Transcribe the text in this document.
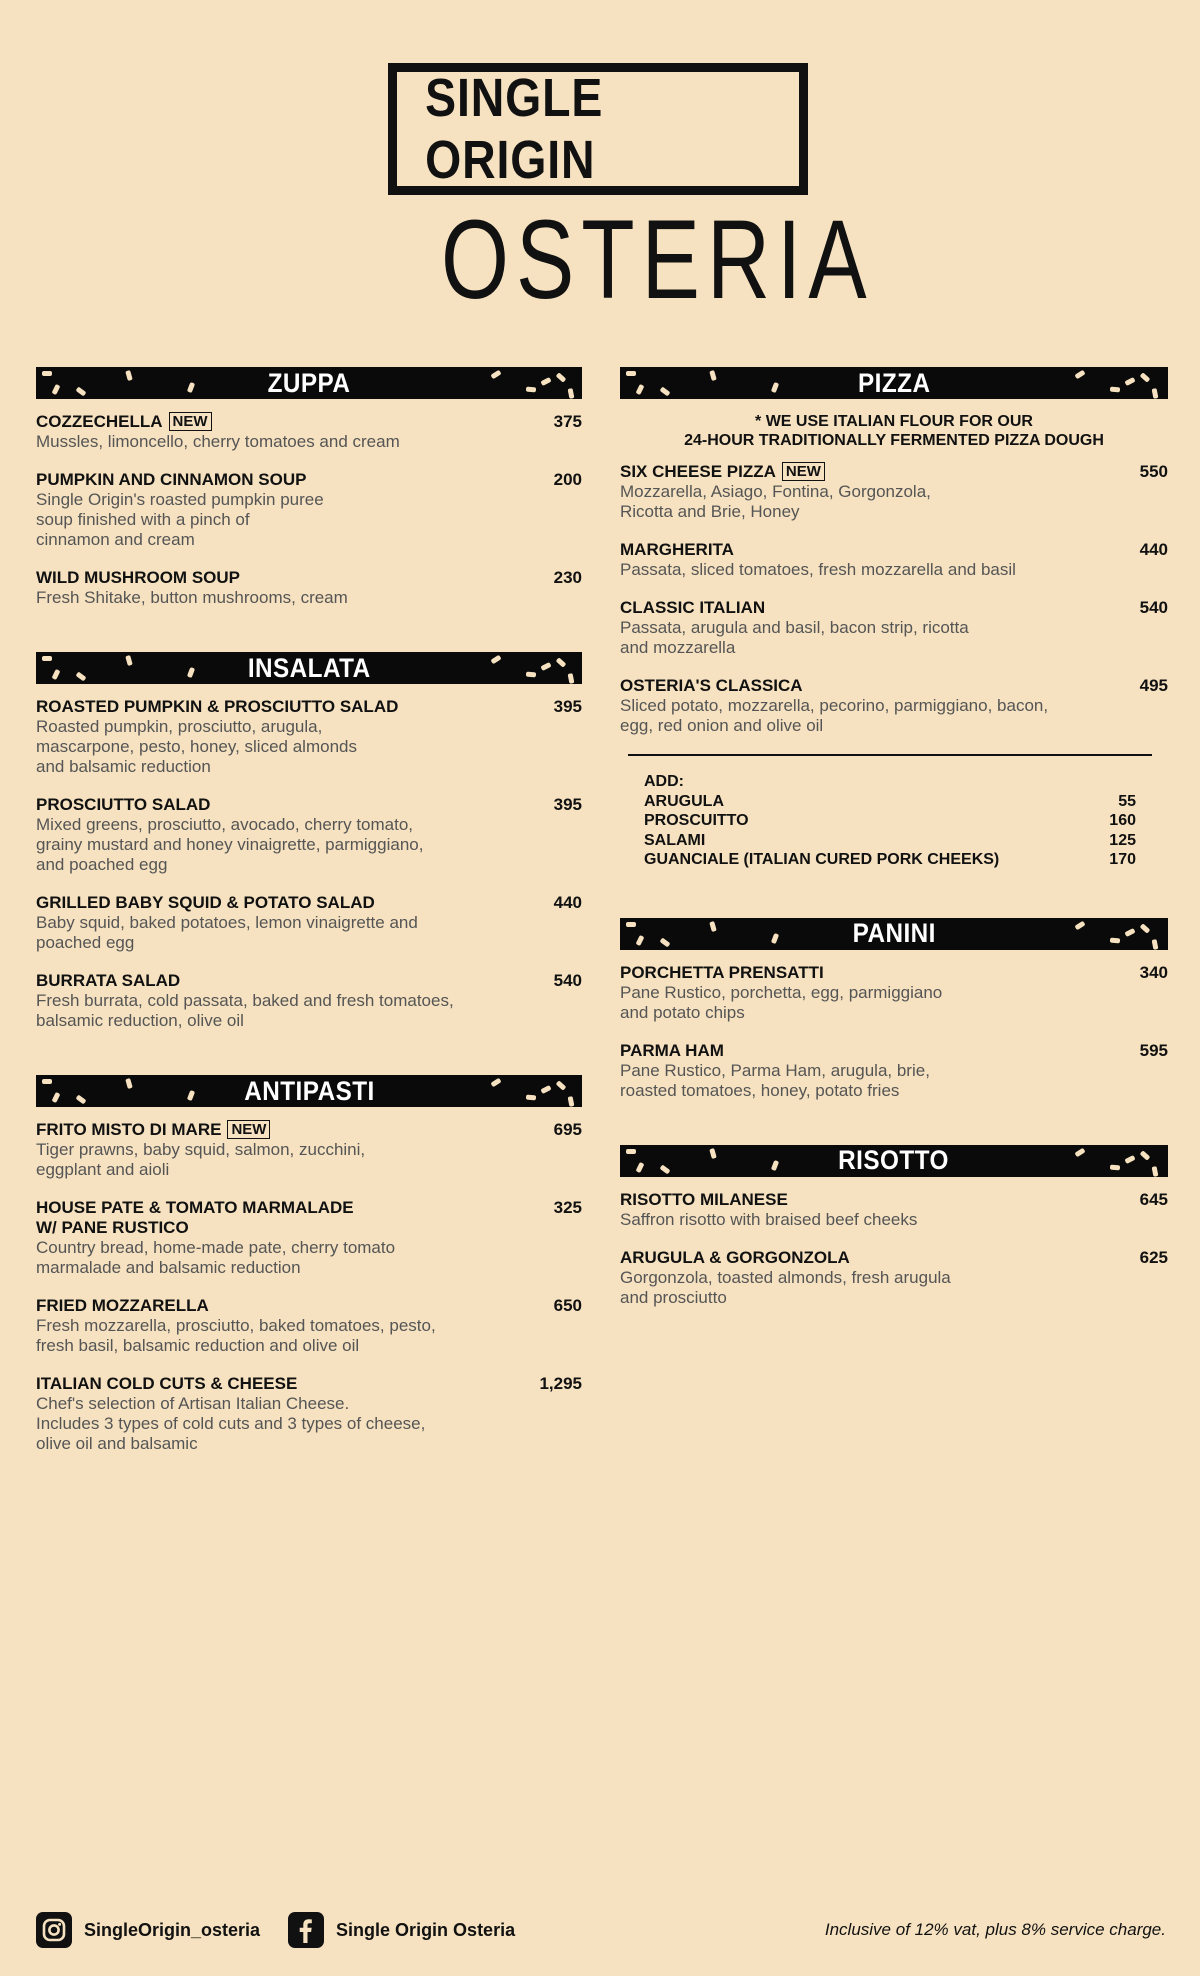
SINGLE ORIGIN
OSTERIA
ZUPPA
COZZECHELLA NEW
Mussles, limoncello, cherry tomatoes and cream
375
PUMPKIN AND CINNAMON SOUP
Single Origin's roasted pumpkin puree
soup finished with a pinch of
cinnamon and cream
200
WILD MUSHROOM SOUP
Fresh Shitake, button mushrooms, cream
230
INSALATA
ROASTED PUMPKIN & PROSCIUTTO SALAD
Roasted pumpkin, prosciutto, arugula,
mascarpone, pesto, honey, sliced almonds
and balsamic reduction
395
PROSCIUTTO SALAD
Mixed greens, prosciutto, avocado, cherry tomato,
grainy mustard and honey vinaigrette, parmiggiano,
and poached egg
395
GRILLED BABY SQUID & POTATO SALAD
Baby squid, baked potatoes, lemon vinaigrette and
poached egg
440
BURRATA SALAD
Fresh burrata, cold passata, baked and fresh tomatoes,
balsamic reduction, olive oil
540
ANTIPASTI
FRITO MISTO DI MARE NEW
Tiger prawns, baby squid, salmon, zucchini,
eggplant and aioli
695
HOUSE PATE & TOMATO MARMALADE
W/ PANE RUSTICO
Country bread, home-made pate, cherry tomato
marmalade and balsamic reduction
325
FRIED MOZZARELLA
Fresh mozzarella, prosciutto, baked tomatoes, pesto,
fresh basil, balsamic reduction and olive oil
650
ITALIAN COLD CUTS & CHEESE
Chef's selection of Artisan Italian Cheese.
Includes 3 types of cold cuts and 3 types of cheese,
olive oil and balsamic
1,295
PIZZA
* WE USE ITALIAN FLOUR FOR OUR
24-HOUR TRADITIONALLY FERMENTED PIZZA DOUGH
SIX CHEESE PIZZA NEW
Mozzarella, Asiago, Fontina, Gorgonzola,
Ricotta and Brie, Honey
550
MARGHERITA
Passata, sliced tomatoes, fresh mozzarella and basil
440
CLASSIC ITALIAN
Passata, arugula and basil, bacon strip, ricotta
and mozzarella
540
OSTERIA'S CLASSICA
Sliced potato, mozzarella, pecorino, parmiggiano, bacon,
egg, red onion and olive oil
495
ADD:
ARUGULA	55
PROSCUITTO	160
SALAMI	125
GUANCIALE (ITALIAN CURED PORK CHEEKS)	170
PANINI
PORCHETTA PRENSATTI
Pane Rustico, porchetta, egg, parmiggiano
and potato chips
340
PARMA HAM
Pane Rustico, Parma Ham, arugula, brie,
roasted tomatoes, honey, potato fries
595
RISOTTO
RISOTTO MILANESE
Saffron risotto with braised beef cheeks
645
ARUGULA & GORGONZOLA
Gorgonzola, toasted almonds, fresh arugula
and prosciutto
625
SingleOrigin_osteria	Single Origin Osteria	Inclusive of 12% vat, plus 8% service charge.
